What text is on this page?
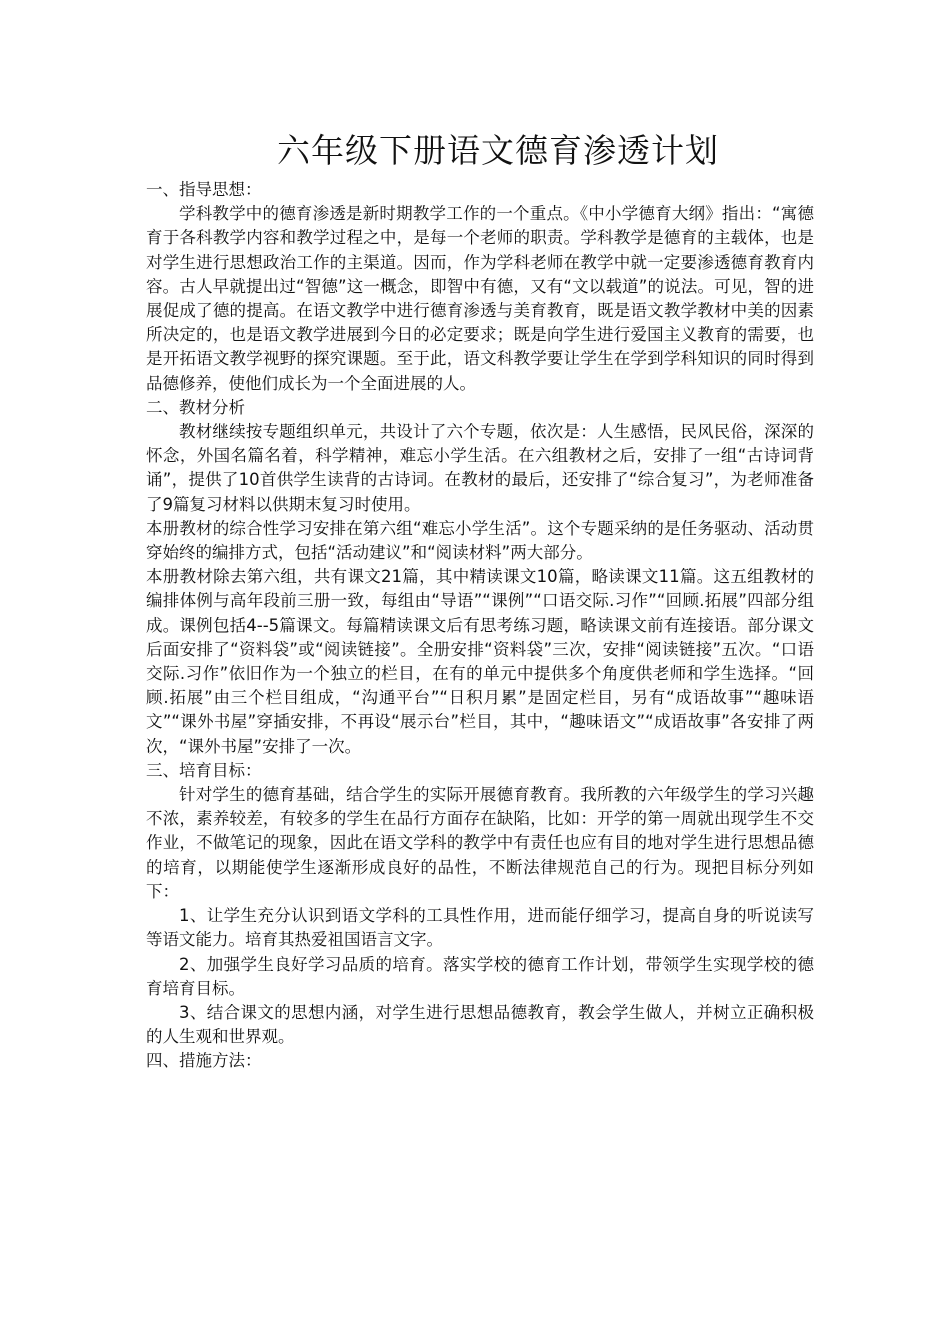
六年级下册语文德育渗透计划

一、指导思想：

学科教学中的德育渗透是新时期教学工作的一个重点。《中小学德育大纲》指出：“寓德育于各科教学内容和教学过程之中，是每一个老师的职责。学科教学是德育的主载体，也是对学生进行思想政治工作的主渠道。因而，作为学科老师在教学中就一定要渗透德育教育内容。古人早就提出过“智德”这一概念，即智中有德，又有“文以载道”的说法。可见，智的进展促成了德的提高。在语文教学中进行德育渗透与美育教育，既是语文教学教材中美的因素所决定的，也是语文教学进展到今日的必定要求；既是向学生进行爱国主义教育的需要，也是开拓语文教学视野的探究课题。至于此，语文科教学要让学生在学到学科知识的同时得到品德修养，使他们成长为一个全面进展的人。

二、教材分析

教材继续按专题组织单元，共设计了六个专题，依次是：人生感悟，民风民俗，深深的怀念，外国名篇名着，科学精神，难忘小学生活。在六组教材之后，安排了一组“古诗词背诵”，提供了10首供学生读背的古诗词。在教材的最后，还安排了“综合复习”，为老师准备了9篇复习材料以供期末复习时使用。

本册教材的综合性学习安排在第六组“难忘小学生活”。这个专题采纳的是任务驱动、活动贯穿始终的编排方式，包括“活动建议”和“阅读材料”两大部分。

本册教材除去第六组，共有课文21篇，其中精读课文10篇，略读课文11篇。这五组教材的编排体例与高年段前三册一致，每组由“导语”“课例”“口语交际.习作”“回顾.拓展”四部分组成。课例包括4--5篇课文。每篇精读课文后有思考练习题，略读课文前有连接语。部分课文后面安排了“资料袋”或“阅读链接”。全册安排“资料袋”三次，安排“阅读链接”五次。“口语交际.习作”依旧作为一个独立的栏目，在有的单元中提供多个角度供老师和学生选择。“回顾.拓展”由三个栏目组成，“沟通平台”“日积月累”是固定栏目，另有“成语故事”“趣味语文”“课外书屋”穿插安排，不再设“展示台”栏目，其中，“趣味语文”“成语故事”各安排了两次，“课外书屋”安排了一次。

三、培育目标：

针对学生的德育基础，结合学生的实际开展德育教育。我所教的六年级学生的学习兴趣不浓，素养较差，有较多的学生在品行方面存在缺陷，比如：开学的第一周就出现学生不交作业，不做笔记的现象，因此在语文学科的教学中有责任也应有目的地对学生进行思想品德的培育，以期能使学生逐渐形成良好的品性，不断法律规范自己的行为。现把目标分列如下：

1、让学生充分认识到语文学科的工具性作用，进而能仔细学习，提高自身的听说读写等语文能力。培育其热爱祖国语言文字。

2、加强学生良好学习品质的培育。落实学校的德育工作计划，带领学生实现学校的德育培育目标。

3、结合课文的思想内涵，对学生进行思想品德教育，教会学生做人，并树立正确积极的人生观和世界观。

四、措施方法：
